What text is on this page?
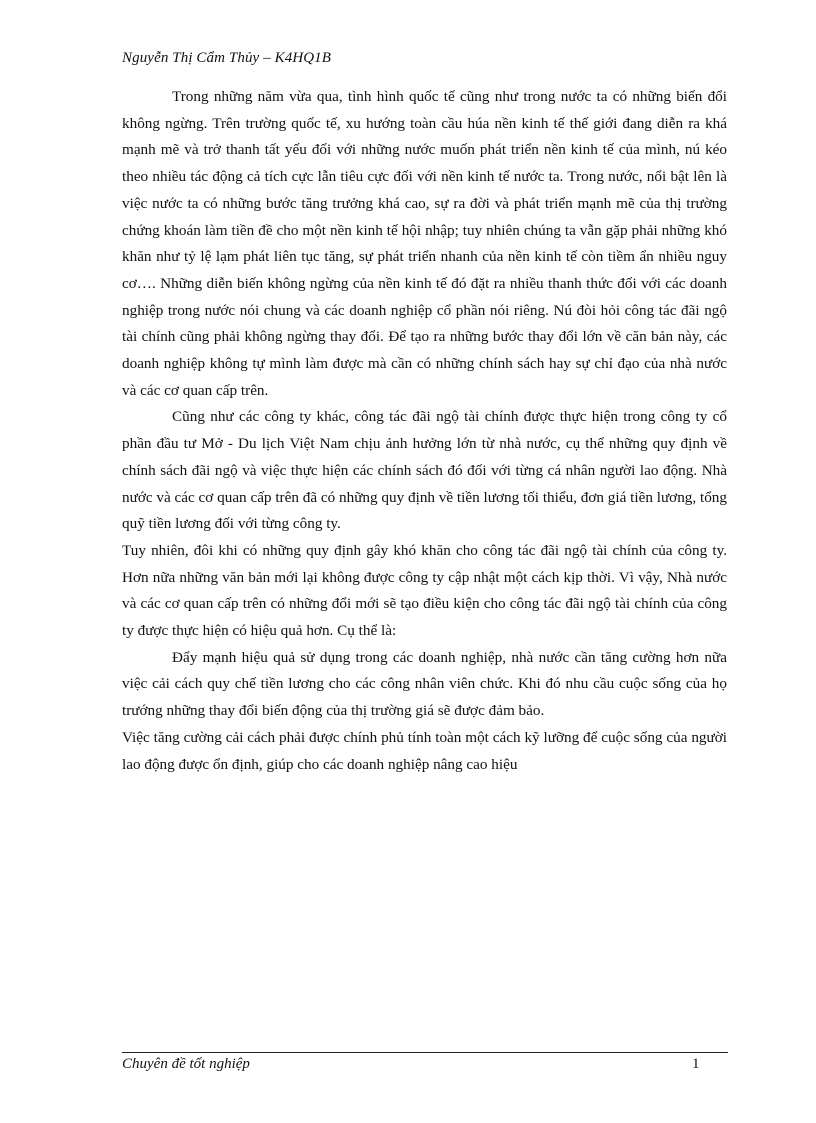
Nguyễn Thị Cẩm Thủy – K4HQ1B

Trong những năm vừa qua, tình hình quốc tế cũng như trong nước ta có những biến đổi không ngừng. Trên trường quốc tế, xu hướng toàn cầu húa nền kinh tế thế giới đang diễn ra khá mạnh mẽ và trở thanh tất yếu đối với những nước muốn phát triển nền kinh tế của mình, nú kéo theo nhiều tác động cả tích cực lẫn tiêu cực đối với nền kinh tế nước ta. Trong nước, nổi bật lên là việc nước ta có những bước tăng trưởng khá cao, sự ra đời và phát triển mạnh mẽ của thị trường chứng khoán làm tiền đề cho một nền kinh tế hội nhập; tuy nhiên chúng ta vẫn gặp phải những khó khăn như tỷ lệ lạm phát liên tục tăng, sự phát triển nhanh của nền kinh tế còn tiềm ẩn nhiều nguy cơ…. Những diễn biến không ngừng của nền kinh tế đó đặt ra nhiều thanh thức đối với các doanh nghiệp trong nước nói chung và các doanh nghiệp cổ phần nói riêng. Nú đòi hỏi công tác đãi ngộ tài chính cũng phải không ngừng thay đổi. Để tạo ra những bước thay đổi lớn về căn bản này, các doanh nghiệp không tự mình làm được mà cần có những chính sách hay sự chỉ đạo của nhà nước và các cơ quan cấp trên.

Cũng như các công ty khác, công tác đãi ngộ tài chính được thực hiện trong công ty cổ phần đầu tư Mở - Du lịch Việt Nam chịu ảnh hưởng lớn từ nhà nước, cụ thể những quy định về chính sách đãi ngộ và việc thực hiện các chính sách đó đối với từng cá nhân người lao động. Nhà nước và các cơ quan cấp trên đã có những quy định về tiền lương tối thiểu, đơn giá tiền lương, tổng quỹ tiền lương đối với từng công ty.

Tuy nhiên, đôi khi có những quy định gây khó khăn cho công tác đãi ngộ tài chính của công ty. Hơn nữa những văn bản mới lại không được công ty cập nhật một cách kịp thời. Vì vậy, Nhà nước và các cơ quan cấp trên có những đổi mới sẽ tạo điều kiện cho công tác đãi ngộ tài chính của công ty được thực hiện có hiệu quả hơn. Cụ thể là:

Đẩy mạnh hiệu quả sử dụng trong các doanh nghiệp, nhà nước cần tăng cường hơn nữa việc cải cách quy chế tiền lương cho các công nhân viên chức. Khi đó nhu cầu cuộc sống của họ trướng những thay đổi biến động của thị trường giá sẽ được đảm bảo.

Việc tăng cường cải cách phải được chính phủ tính toàn một cách kỹ lưỡng để cuộc sống của người lao động được ổn định, giúp cho các doanh nghiệp nâng cao hiệu

Chuyên đề tốt nghiệp	1
